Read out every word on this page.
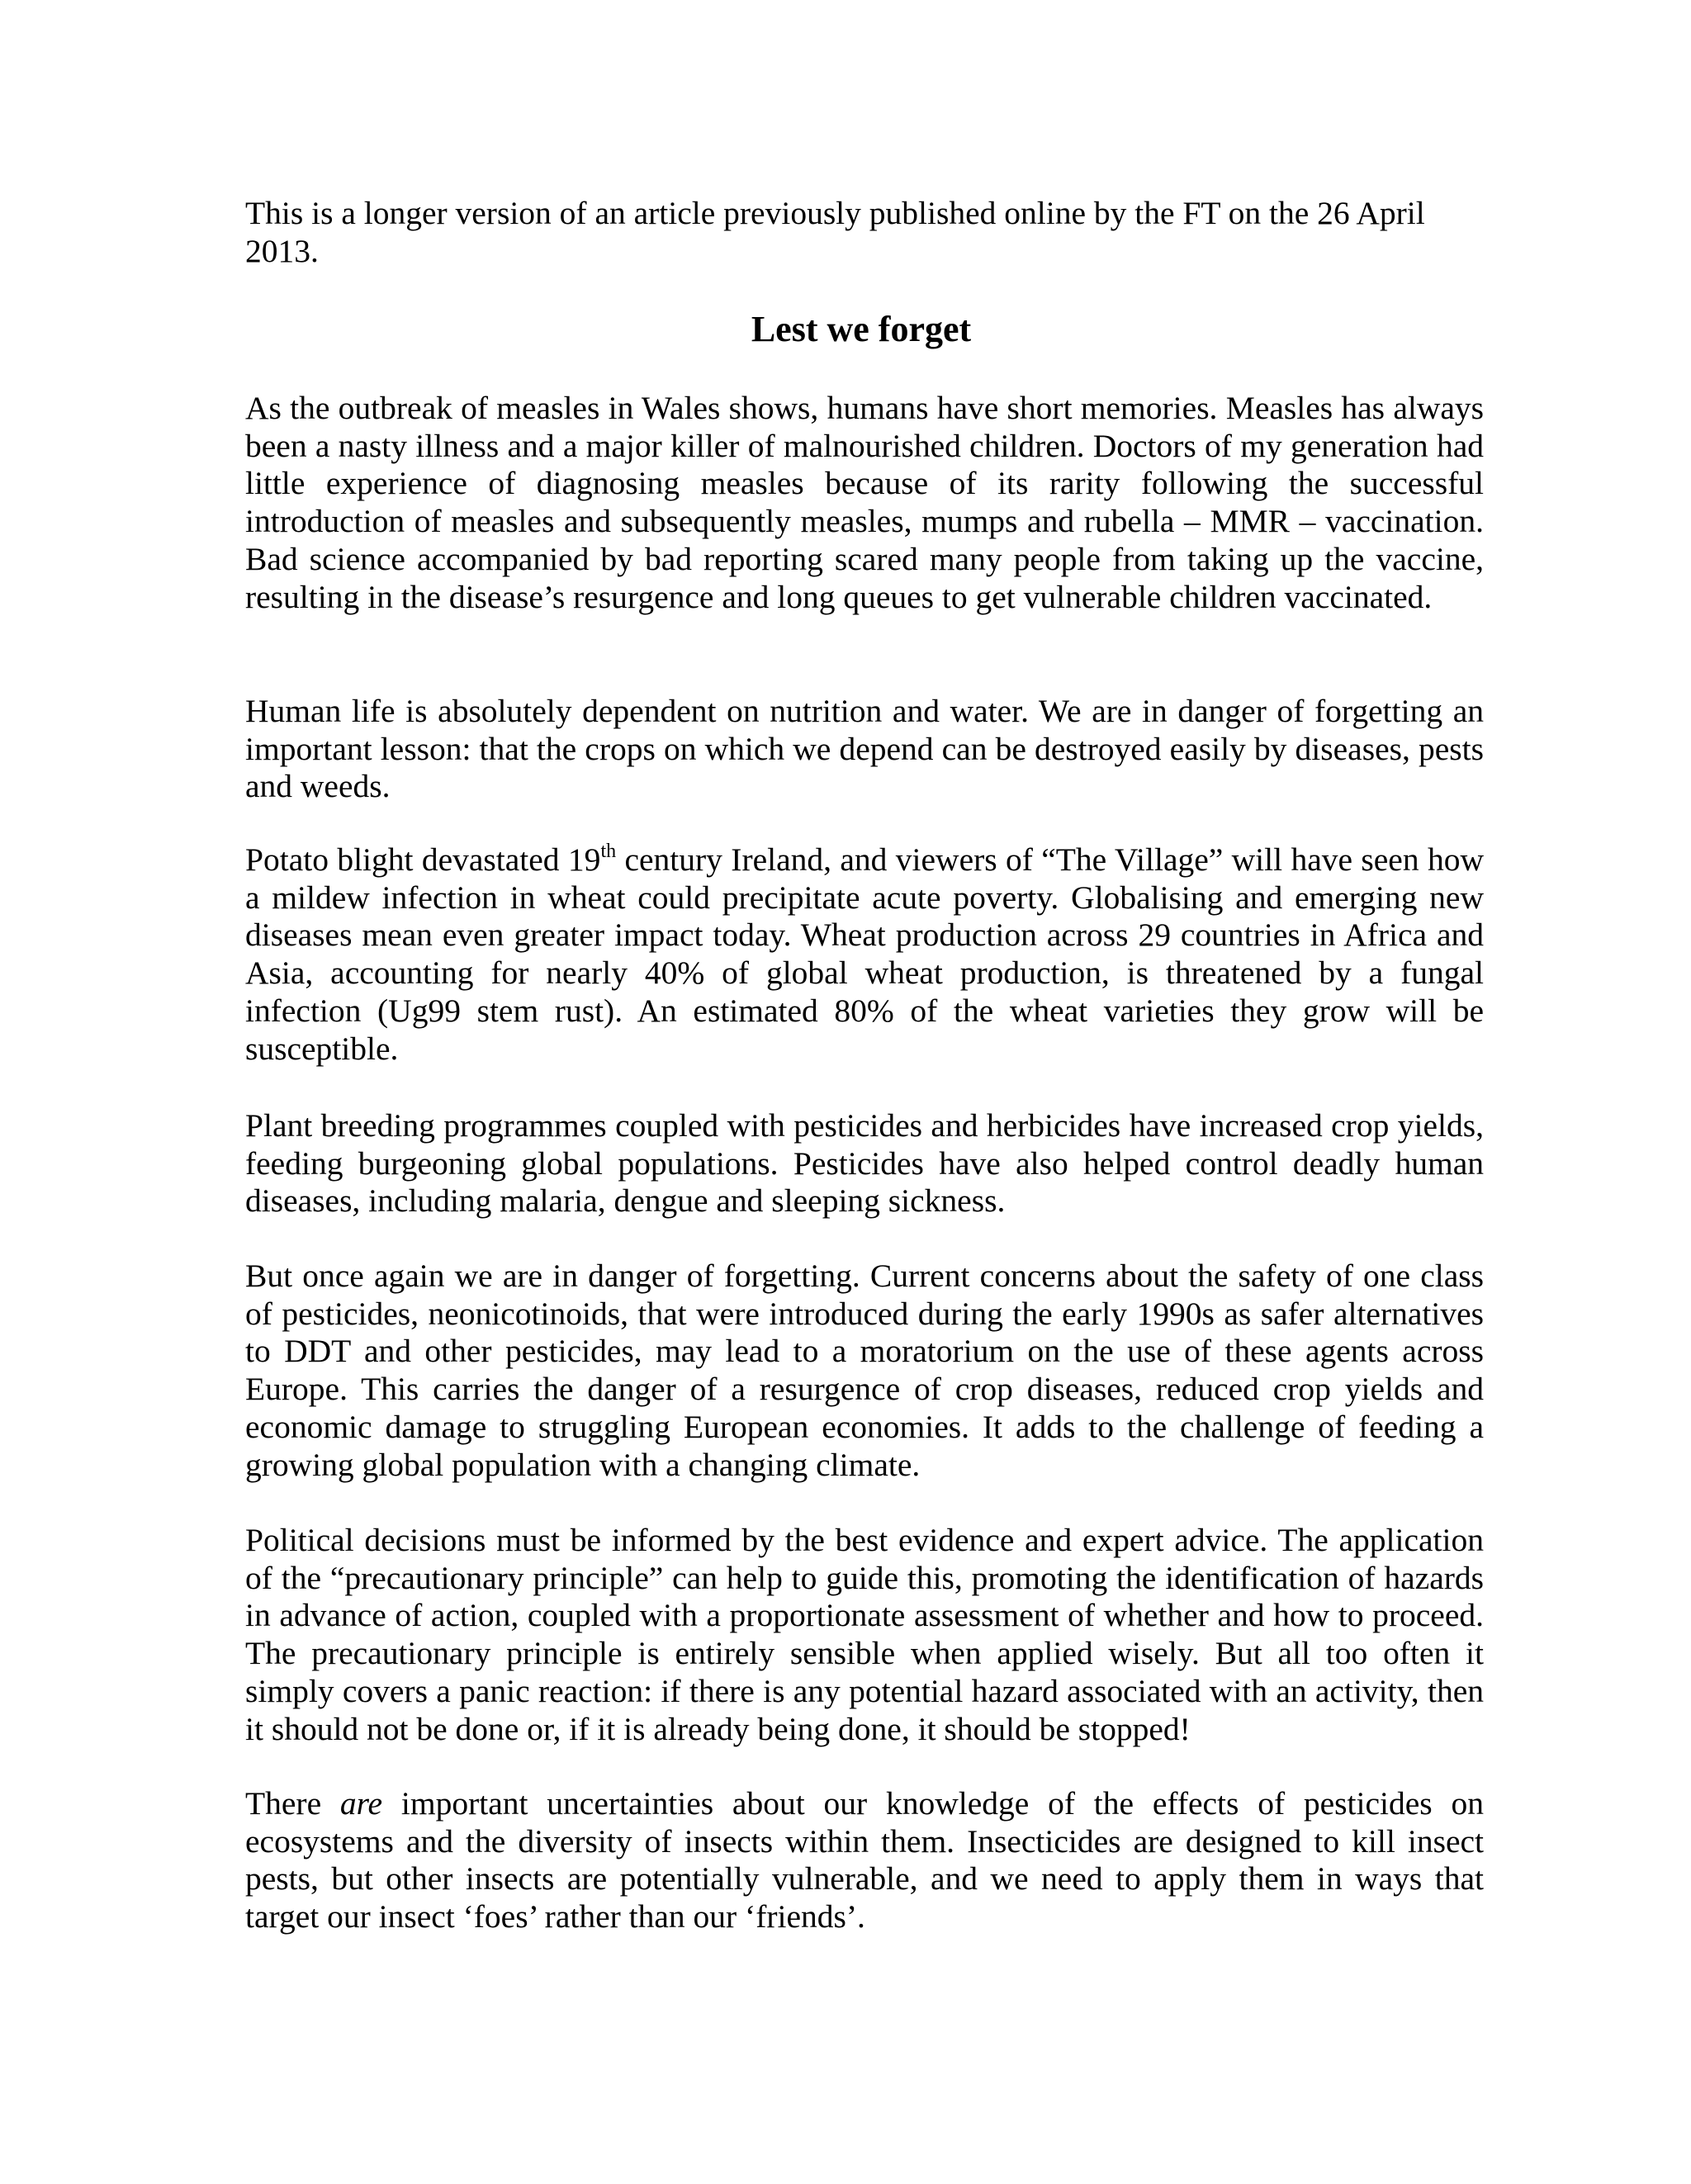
This is a longer version of an article previously published online by the FT on the 26 April 2013.

Lest we forget

As the outbreak of measles in Wales shows, humans have short memories. Measles has always been a nasty illness and a major killer of malnourished children. Doctors of my generation had little experience of diagnosing measles because of its rarity following the successful introduction of measles and subsequently measles, mumps and rubella – MMR – vaccination. Bad science accompanied by bad reporting scared many people from taking up the vaccine, resulting in the disease’s resurgence and long queues to get vulnerable children vaccinated.

Human life is absolutely dependent on nutrition and water. We are in danger of forgetting an important lesson: that the crops on which we depend can be destroyed easily by diseases, pests and weeds.

Potato blight devastated 19th century Ireland, and viewers of “The Village” will have seen how a mildew infection in wheat could precipitate acute poverty. Globalising and emerging new diseases mean even greater impact today. Wheat production across 29 countries in Africa and Asia, accounting for nearly 40% of global wheat production, is threatened by a fungal infection (Ug99 stem rust). An estimated 80% of the wheat varieties they grow will be susceptible.

Plant breeding programmes coupled with pesticides and herbicides have increased crop yields, feeding burgeoning global populations. Pesticides have also helped control deadly human diseases, including malaria, dengue and sleeping sickness.

But once again we are in danger of forgetting. Current concerns about the safety of one class of pesticides, neonicotinoids, that were introduced during the early 1990s as safer alternatives to DDT and other pesticides, may lead to a moratorium on the use of these agents across Europe. This carries the danger of a resurgence of crop diseases, reduced crop yields and economic damage to struggling European economies. It adds to the challenge of feeding a growing global population with a changing climate.

Political decisions must be informed by the best evidence and expert advice. The application of the “precautionary principle” can help to guide this, promoting the identification of hazards in advance of action, coupled with a proportionate assessment of whether and how to proceed. The precautionary principle is entirely sensible when applied wisely. But all too often it simply covers a panic reaction: if there is any potential hazard associated with an activity, then it should not be done or, if it is already being done, it should be stopped!

There are important uncertainties about our knowledge of the effects of pesticides on ecosystems and the diversity of insects within them. Insecticides are designed to kill insect pests, but other insects are potentially vulnerable, and we need to apply them in ways that target our insect ‘foes’ rather than our ‘friends’.
